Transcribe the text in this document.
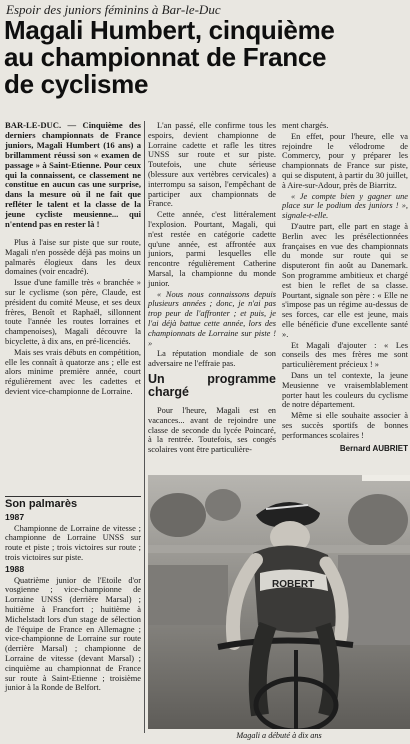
Espoir des juniors féminins à Bar-le-Duc
Magali Humbert, cinquième
au championnat de France
de cyclisme

BAR-LE-DUC. — Cinquième des derniers championnats de France juniors, Magali Humbert (16 ans) a brillamment réussi son « examen de passage » à Saint-Etienne. Pour ceux qui la connaissent, ce classement ne constitue en aucun cas une surprise, dans la mesure où il ne fait que refléter le talent et la classe de la jeune cycliste meusienne... qui n'entend pas en rester là !

Plus à l'aise sur piste que sur route, Magali n'en possède déjà pas moins un palmarès élogieux dans les deux domaines (voir encadré).

Issue d'une famille très « branchée » sur le cyclisme (son père, Claude, est président du comité Meuse, et ses deux frères, Benoît et Raphaël, sillonnent toute l'année les routes lorraines et champenoises), Magali découvre la bicyclette, à dix ans, en pré-licenciés.

Mais ses vrais débuts en compétition, elle les connaît à quatorze ans ; elle est alors minime première année, court régulièrement avec les cadettes et devient vice-championne de Lorraine.

Son palmarès
1987

Championne de Lorraine de vitesse ; championne de Lorraine UNSS sur route et piste ; trois victoires sur route ; trois victoires sur piste.

1988

Quatrième junior de l'Etoile d'or vosgienne ; vice-championne de Lorraine UNSS (derrière Marsal) ; huitième à Francfort ; huitième à Michelstadt lors d'un stage de sélection de l'équipe de France en Allemagne ; vice-championne de Lorraine sur route (derrière Marsal) ; championne de Lorraine de vitesse (devant Marsal) ; cinquième au championnat de France sur route à Saint-Etienne ; troisième junior à la Ronde de Belfort.

L'an passé, elle confirme tous les espoirs, devient championne de Lorraine cadette et rafle les titres UNSS sur route et sur piste. Toutefois, une chute sérieuse (blessure aux vertèbres cervicales) a interrompu sa saison, l'empêchant de participer aux championnats de France.

Cette année, c'est littéralement l'explosion. Pourtant, Magali, qui n'est restée en catégorie cadette qu'une année, est affrontée aux juniors, parmi lesquelles elle rencontre régulièrement Catherine Marsal, la championne du monde junior.

« Nous nous connaissons depuis plusieurs années ; donc, je n'ai pas trop peur de l'affronter ; et puis, je l'ai déjà battue cette année, lors des championnats de Lorraine sur piste ! »

La réputation mondiale de son adversaire ne l'effraie pas.

Un programme chargé

Pour l'heure, Magali est en vacances... avant de rejoindre une classe de seconde du lycée Poincaré, à la rentrée. Toutefois, ses congés scolaires vont être particulière-

ment chargés.

En effet, pour l'heure, elle va rejoindre le vélodrome de Commercy, pour y préparer les championnats de France sur piste, qui se disputent, à partir du 30 juillet, à Aire-sur-Adour, près de Biarritz.

« Je compte bien y gagner une place sur le podium des juniors ! », signale-t-elle.

D'autre part, elle part en stage à Berlin avec les présélectionnées françaises en vue des championnats du monde sur route qui se disputeront fin août au Danemark. Son programme ambitieux et chargé est bien le reflet de sa classe. Pourtant, signale son père : « Elle ne s'impose pas un régime au-dessus de ses forces, car elle est jeune, mais elle bénéficie d'une excellente santé ».

Et Magali d'ajouter : « Les conseils des mes frères me sont particulièrement précieux ! »

Dans un tel contexte, la jeune Meusienne ve vraisemblablement porter haut les couleurs du cyclisme de notre département.

Même si elle souhaite associer à ses succès sportifs de bonnes performances scolaires !

Bernard AUBRIET
ROBERT
Magali a débuté à dix ans
